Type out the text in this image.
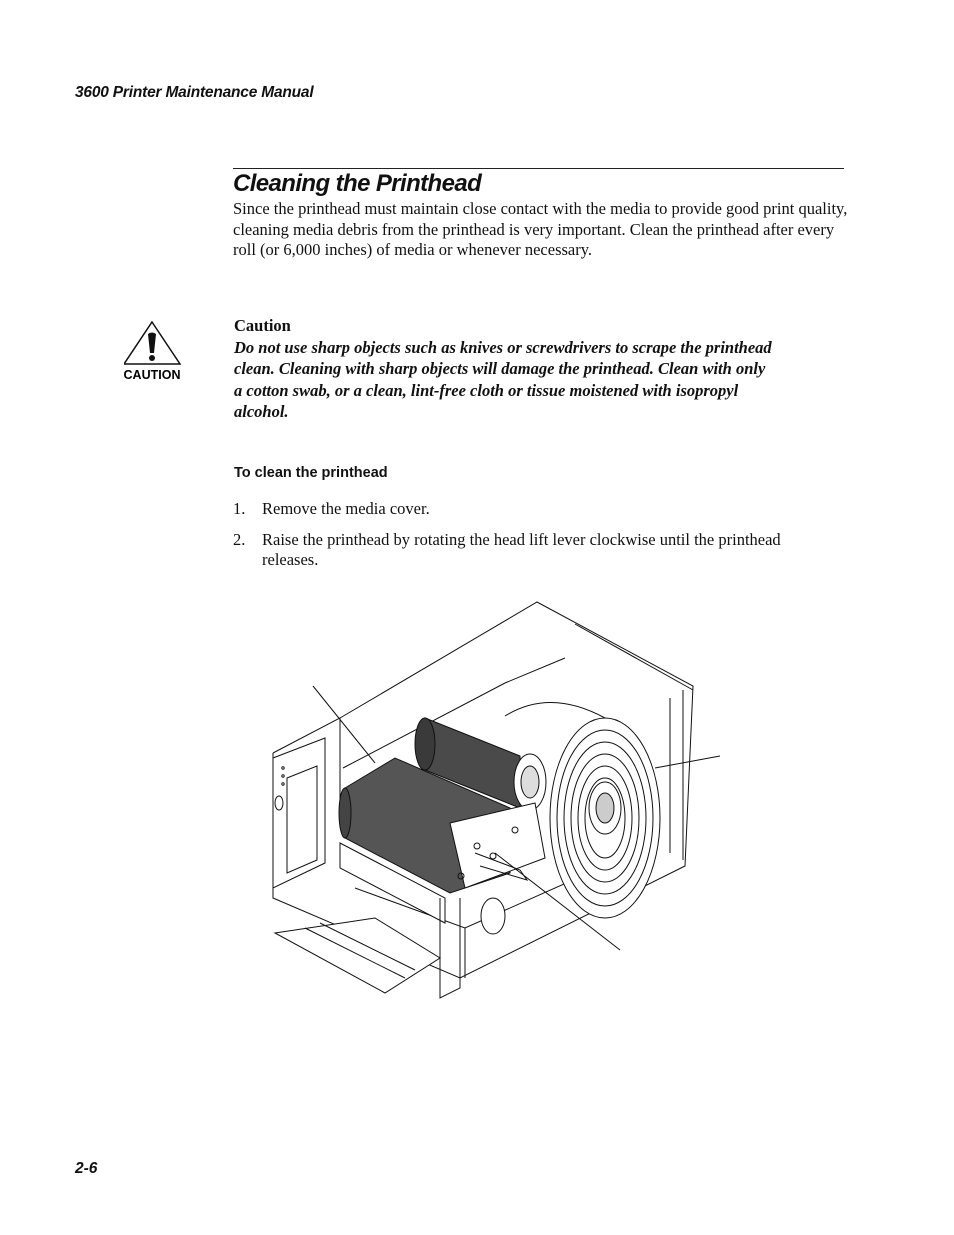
3600 Printer Maintenance Manual
Cleaning the Printhead

Since the printhead must maintain close contact with the media to provide good print quality, cleaning media debris from the printhead is very important. Clean the printhead after every roll (or 6,000 inches) of media or whenever necessary.

CAUTION
Caution

Do not use sharp objects such as knives or screwdrivers to scrape the printhead clean. Cleaning with sharp objects will damage the printhead. Clean with only a cotton swab, or a clean, lint-free cloth or tissue moistened with isopropyl alcohol.

To clean the printhead
1.	Remove the media cover.
2.	Raise the printhead by rotating the head lift lever clockwise until the printhead releases.
2-6
